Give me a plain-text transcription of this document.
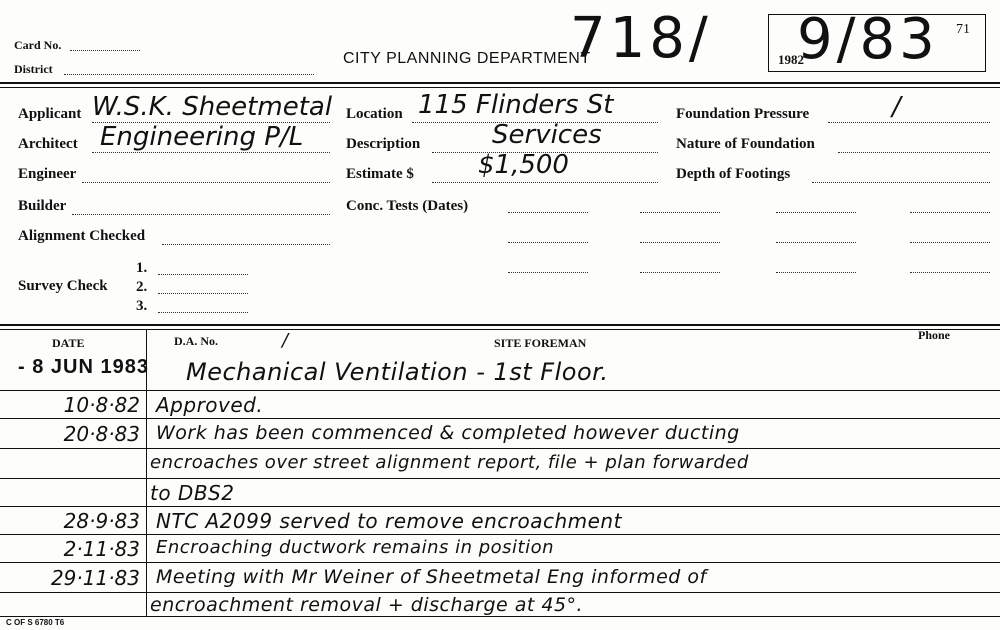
Card No.
District
CITY PLANNING DEPARTMENT
718/	1982
9/83 71
Applicant W.S.K. Sheetmetal
Architect Engineering P/L
Engineer
Builder
Alignment Checked
Survey Check
1.
2.
3.
Location 115 Flinders St
Description	Services
Estimate $ $1,500
Conc. Tests (Dates)
Foundation Pressure	/
Nature of Foundation
Depth of Footings
DATE	D.A. No.	/	SITE FOREMAN
Phone
- 8 JUN 1983 Mechanical Ventilation - 1st Floor.
10·8·82 Approved.
20·8·83 Work has been commenced & completed however ducting
encroaches over street alignment report, file + plan forwarded
to DBS2
28·9·83 NTC A2099 served to remove encroachment
2·11·83 Encroaching ductwork remains in position
29·11·83 Meeting with Mr Weiner of Sheetmetal Eng informed of
encroachment removal + discharge at 45°.
C OF S 6780 T6
